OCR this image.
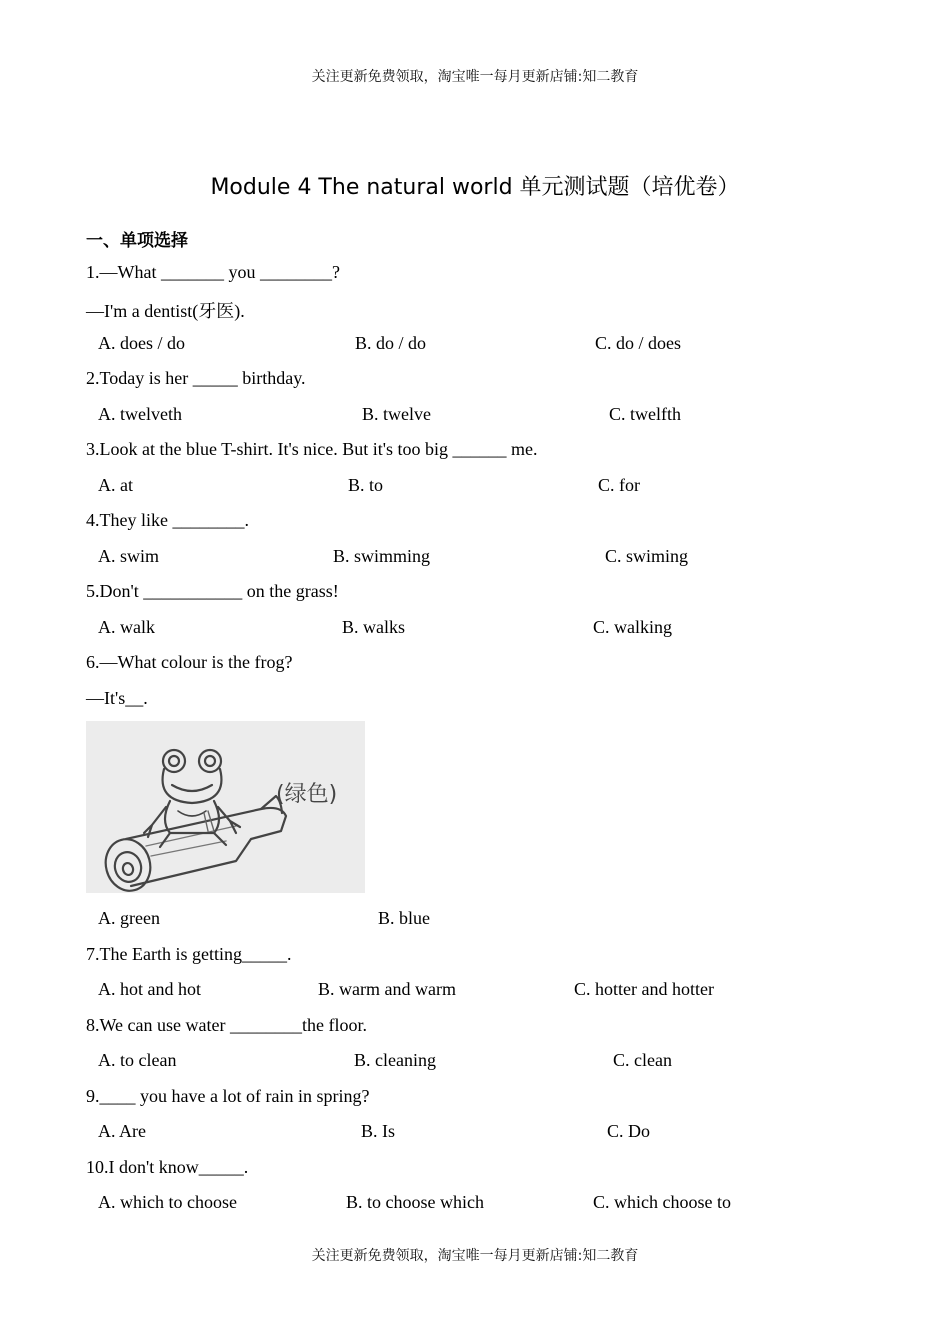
关注更新免费领取，淘宝唯一每月更新店铺:知二教育
Module 4 The natural world 单元测试题（培优卷）
一、单项选择
1.—What _______ you ________?
—I'm a dentist(牙医).
A. does / do	B. do / do	C. do / does
2.Today is her _____ birthday.
A. twelveth	B. twelve	C. twelfth
3.Look at the blue T-shirt. It's nice. But it's too big ______ me.
A. at	B. to	C. for
4.They like ________.
A. swim	B. swimming	C. swiming
5.Don't ___________ on the grass!
A. walk	B. walks	C. walking
6.—What colour is the frog?
—It's__.
(绿色)
A. green	B. blue
7.The Earth is getting_____.
A. hot and hot	B. warm and warm	C. hotter and hotter
8.We can use water ________the floor.
A. to clean	B. cleaning	C. clean
9.____ you have a lot of rain in spring?
A. Are	B. Is	C. Do
10.I don't know_____.
A. which to choose	B. to choose which	C. which choose to
关注更新免费领取，淘宝唯一每月更新店铺:知二教育
